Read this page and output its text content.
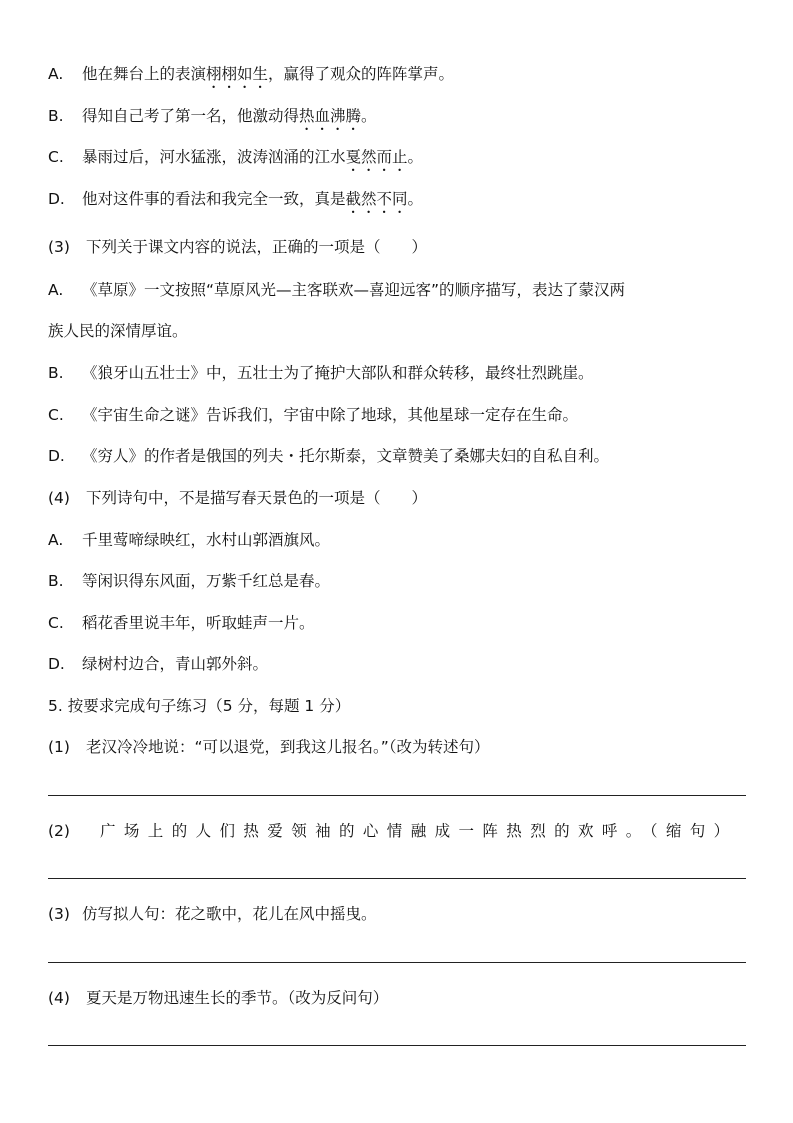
A. 他在舞台上的表演栩栩如生，赢得了观众的阵阵掌声。
B. 得知自己考了第一名，他激动得热血沸腾。
C. 暴雨过后，河水猛涨，波涛汹涌的江水戛然而止。
D. 他对这件事的看法和我完全一致，真是截然不同。
(3) 下列关于课文内容的说法，正确的一项是（　　）
A. 《草原》一文按照“草原风光—主客联欢—喜迎远客”的顺序描写，表达了蒙汉两
族人民的深情厚谊。
B. 《狼牙山五壮士》中，五壮士为了掩护大部队和群众转移，最终壮烈跳崖。
C. 《宇宙生命之谜》告诉我们，宇宙中除了地球，其他星球一定存在生命。
D. 《穷人》的作者是俄国的列夫・托尔斯泰，文章赞美了桑娜夫妇的自私自利。
(4) 下列诗句中，不是描写春天景色的一项是（　　）
A. 千里莺啼绿映红，水村山郭酒旗风。
B. 等闲识得东风面，万紫千红总是春。
C. 稻花香里说丰年，听取蛙声一片。
D. 绿树村边合，青山郭外斜。
5. 按要求完成句子练习（5 分，每题 1 分）
(1) 老汉冷冷地说：“可以退党，到我这儿报名。”（改为转述句）
(2) 广场上的人们热爱领袖的心情融成一阵热烈的欢呼。（缩句）
(3) 仿写拟人句：花之歌中，花儿在风中摇曳。
(4) 夏天是万物迅速生长的季节。（改为反问句）
